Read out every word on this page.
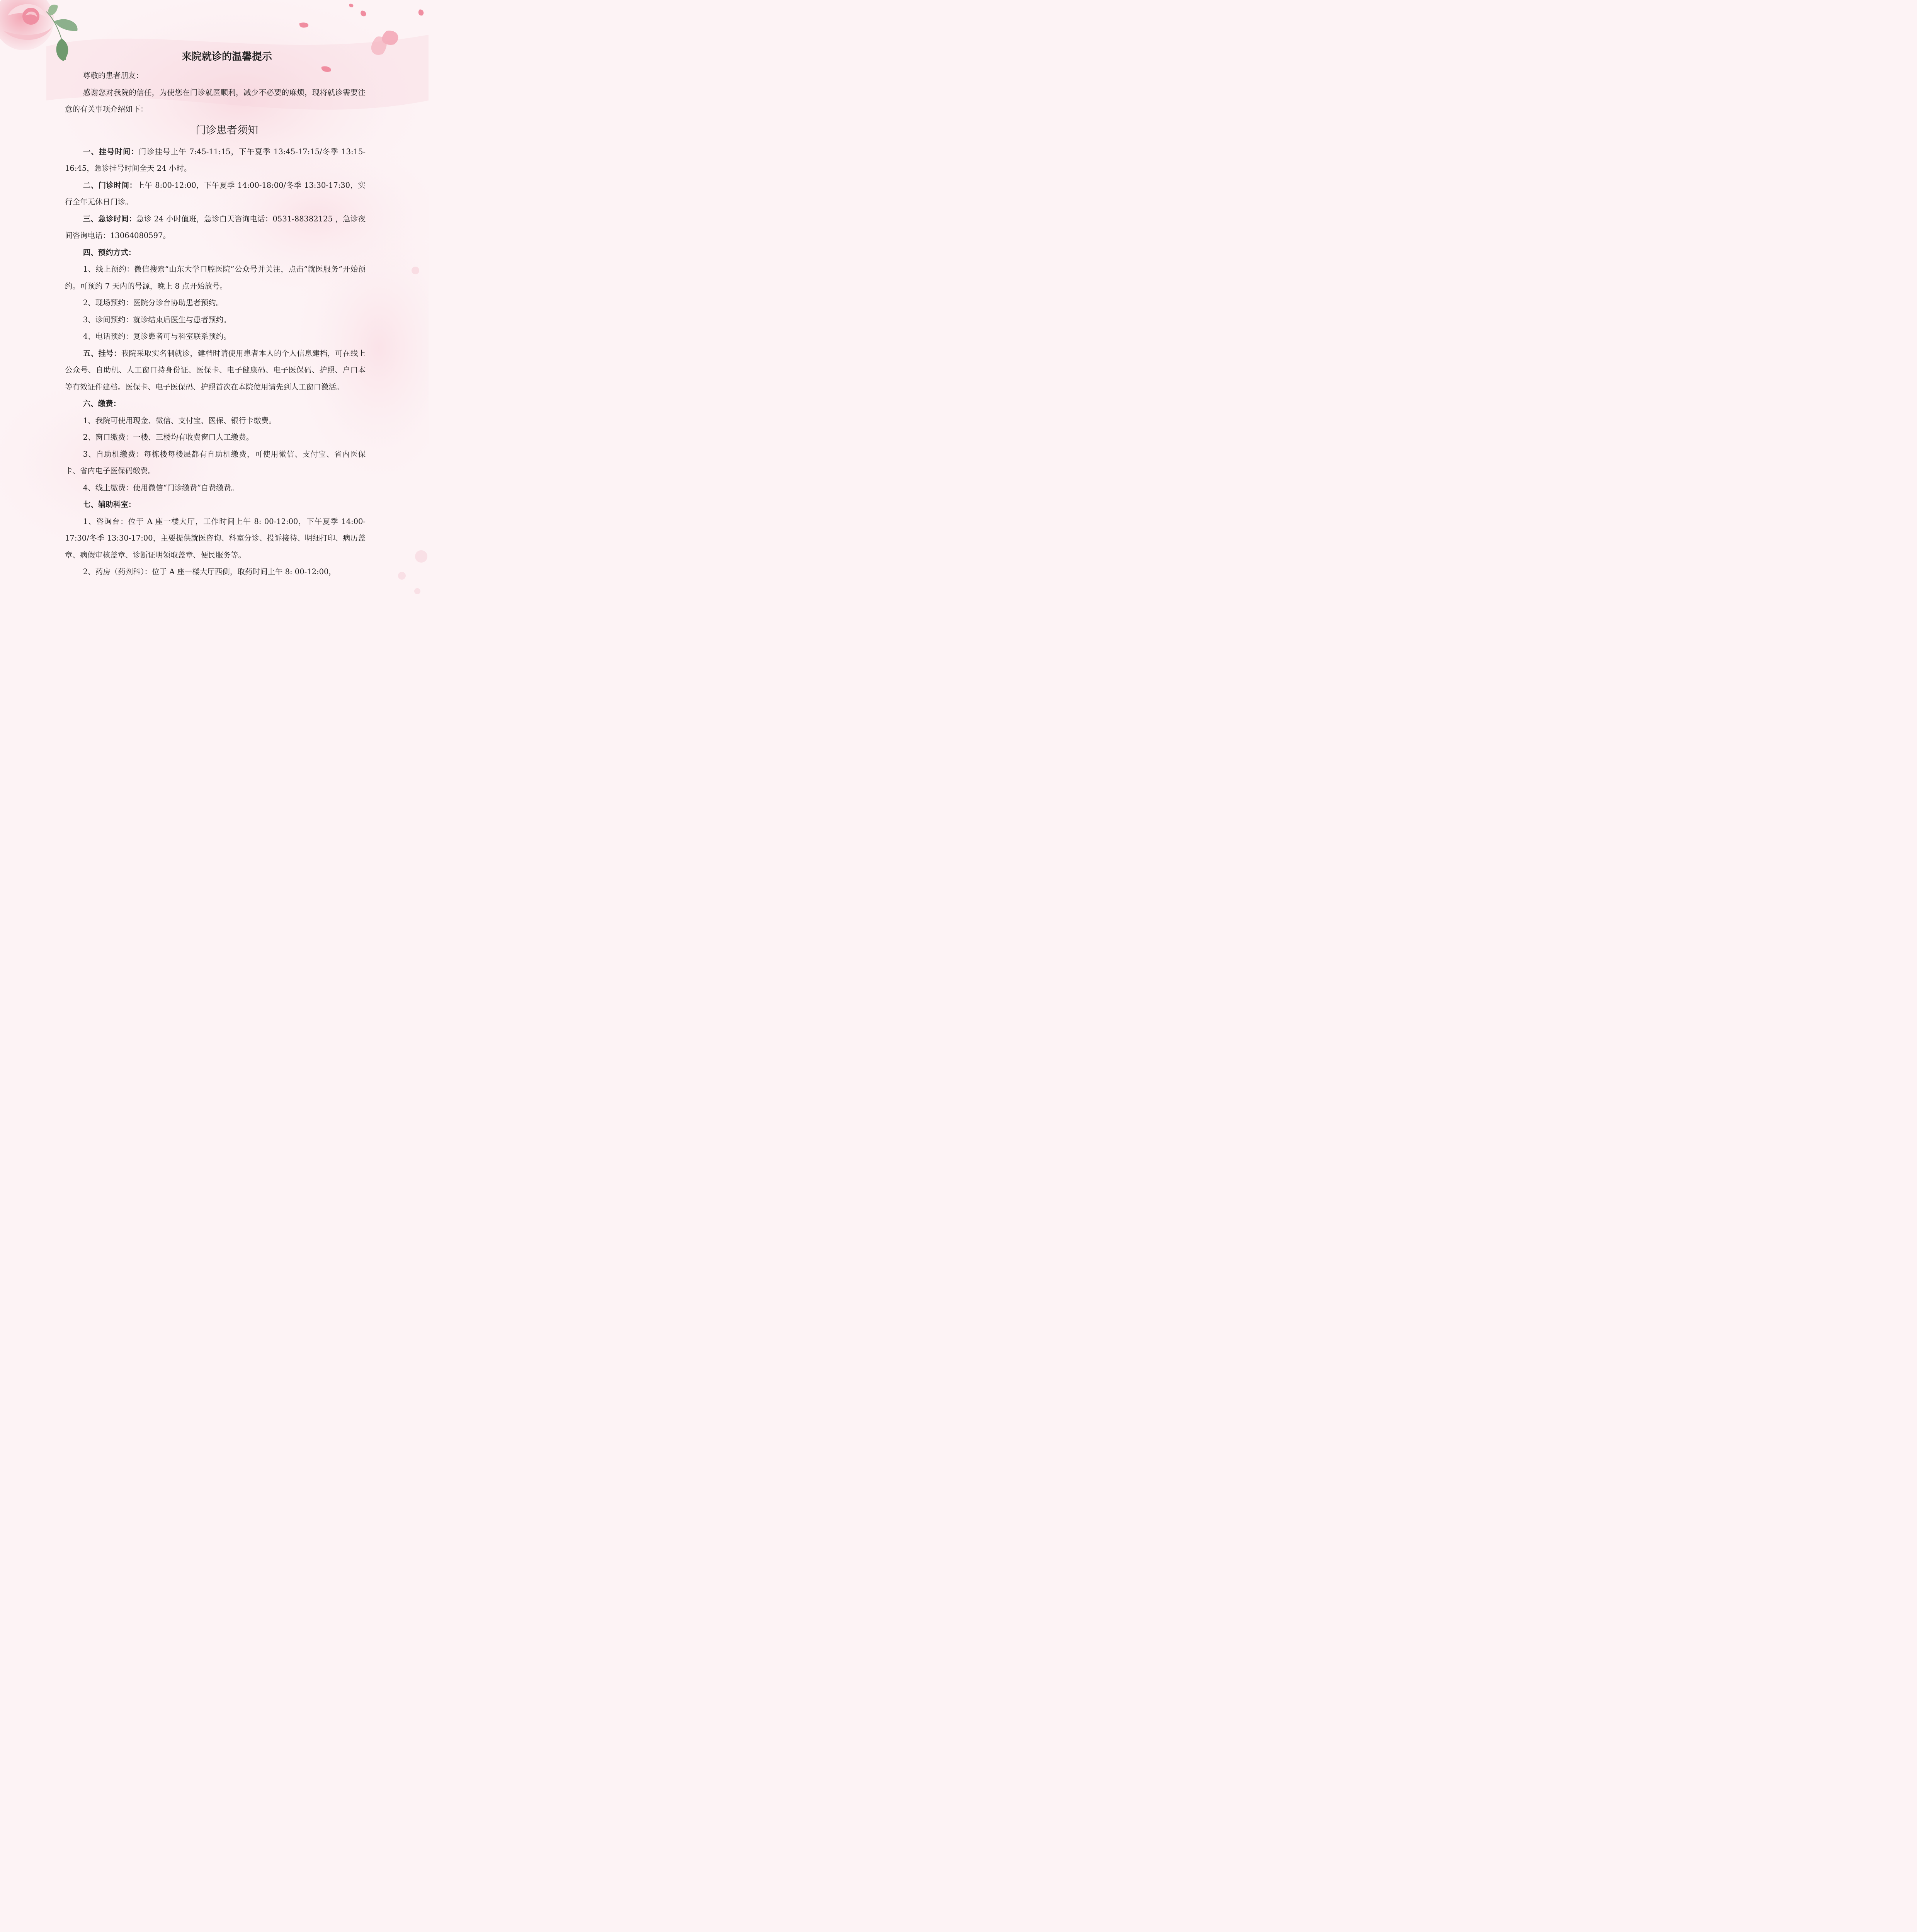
来院就诊的温馨提示

尊敬的患者朋友：

感谢您对我院的信任，为使您在门诊就医顺利，减少不必要的麻烦，现将就诊需要注意的有关事项介绍如下：

门诊患者须知

一、挂号时间：门诊挂号上午 7:45-11:15，下午夏季 13:45-17:15/冬季 13:15-16:45，急诊挂号时间全天 24 小时。

二、门诊时间：上午 8:00-12:00，下午夏季 14:00-18:00/冬季 13:30-17:30，实行全年无休日门诊。

三、急诊时间：急诊 24 小时值班，急诊白天咨询电话：0531-88382125 ，急诊夜间咨询电话：13064080597。

四、预约方式：

1、线上预约：微信搜索“山东大学口腔医院”公众号并关注，点击“就医服务”开始预约。可预约 7 天内的号源，晚上 8 点开始放号。

2、现场预约：医院分诊台协助患者预约。

3、诊间预约：就诊结束后医生与患者预约。

4、电话预约：复诊患者可与科室联系预约。

五、挂号：我院采取实名制就诊，建档时请使用患者本人的个人信息建档，可在线上公众号、自助机、人工窗口持身份证、医保卡、电子健康码、电子医保码、护照、户口本等有效证件建档。医保卡、电子医保码、护照首次在本院使用请先到人工窗口激活。

六、缴费：

1、我院可使用现金、微信、支付宝、医保、银行卡缴费。

2、窗口缴费：一楼、三楼均有收费窗口人工缴费。

3、自助机缴费：每栋楼每楼层都有自助机缴费，可使用微信、支付宝、省内医保卡、省内电子医保码缴费。

4、线上缴费：使用微信“门诊缴费”自费缴费。

七、辅助科室：

1、咨询台：位于 A 座一楼大厅，工作时间上午 8: 00-12:00，下午夏季 14:00-17:30/冬季 13:30-17:00，主要提供就医咨询、科室分诊、投诉接待、明细打印、病历盖章、病假审核盖章、诊断证明领取盖章、便民服务等。

2、药房（药剂科）：位于 A 座一楼大厅西侧，取药时间上午 8: 00-12:00，
